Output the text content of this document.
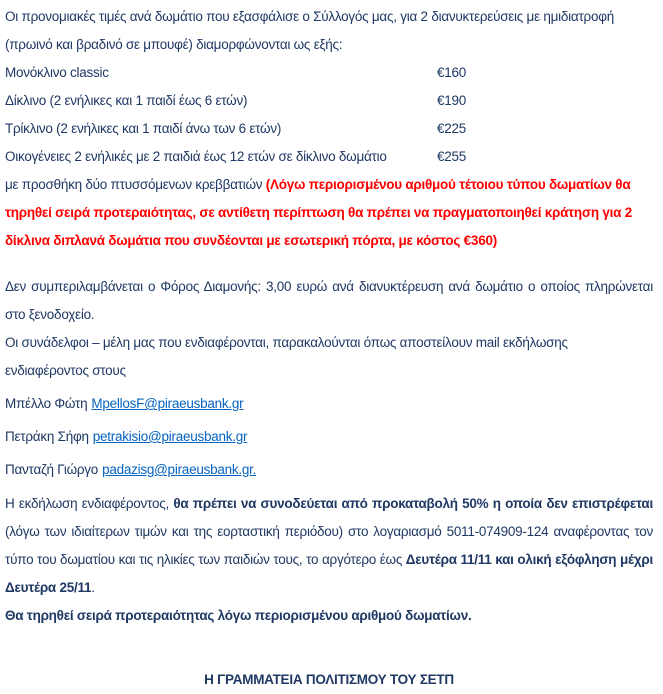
Οι προνομιακές τιμές ανά δωμάτιο που εξασφάλισε ο Σύλλογός μας, για 2 διανυκτερεύσεις με ημιδιατροφή (πρωινό και βραδινό σε μπουφέ) διαμορφώνονται ως εξής:

Μονόκλινο classic	€160
Δίκλινο (2 ενήλικες και 1 παιδί έως 6 ετών)	€190
Τρίκλινο (2 ενήλικες και 1 παιδί άνω των 6 ετών)	€225
Οικογένειες 2 ενήλικές με 2 παιδιά έως 12 ετών σε δίκλινο δωμάτιο	€255

με προσθήκη δύο πτυσσόμενων κρεββατιών (Λόγω περιορισμένου αριθμού τέτοιου τύπου δωματίων θα τηρηθεί σειρά προτεραιότητας, σε αντίθετη περίπτωση θα πρέπει να πραγματοποιηθεί κράτηση για 2 δίκλινα διπλανά δωμάτια που συνδέονται με εσωτερική πόρτα, με κόστος €360)

Δεν συμπεριλαμβάνεται ο Φόρος Διαμονής: 3,00 ευρώ ανά διανυκτέρευση ανά δωμάτιο ο οποίος πληρώνεται στο ξενοδοχείο.

Οι συνάδελφοι – μέλη μας που ενδιαφέρονται, παρακαλούνται όπως αποστείλουν mail εκδήλωσης ενδιαφέροντος στους

Μπέλλο Φώτη MpellosF@piraeusbank.gr

Πετράκη Σήφη petrakisio@piraeusbank.gr

Πανταζή Γιώργο padazisg@piraeusbank.gr.

Η εκδήλωση ενδιαφέροντος, θα πρέπει να συνοδεύεται από προκαταβολή 50% η οποία δεν επιστρέφεται (λόγω των ιδιαίτερων τιμών και της εορταστική περιόδου) στο λογαριασμό 5011-074909-124 αναφέροντας τον τύπο του δωματίου και τις ηλικίες των παιδιών τους, το αργότερο έως Δευτέρα 11/11 και ολική εξόφληση μέχρι Δευτέρα 25/11.

Θα τηρηθεί σειρά προτεραιότητας λόγω περιορισμένου αριθμού δωματίων.

Η ΓΡΑΜΜΑΤΕΙΑ ΠΟΛΙΤΙΣΜΟΥ ΤΟΥ ΣΕΤΠ
